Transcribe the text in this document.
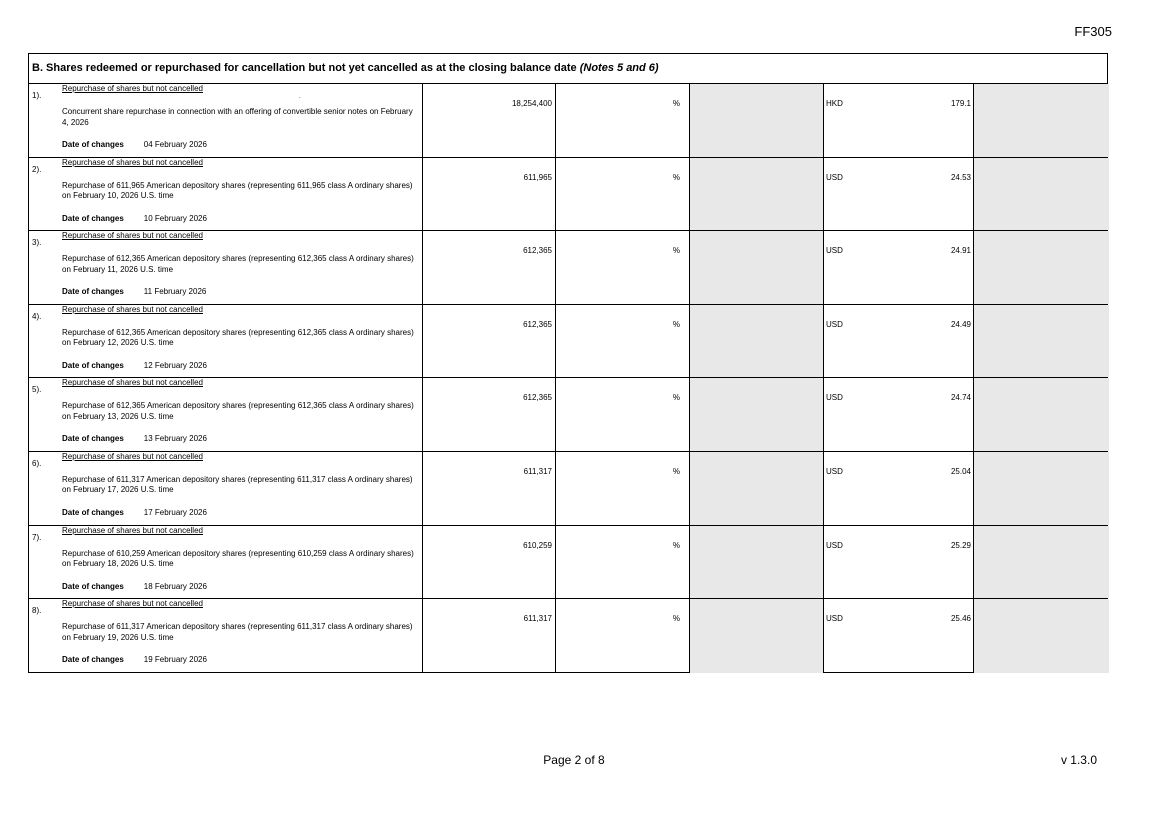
FF305
B. Shares redeemed or repurchased for cancellation but not yet cancelled as at the closing balance date (Notes 5 and 6)
1).
Repurchase of shares but not cancelled
.
Concurrent share repurchase in connection with an offering of convertible senior notes on February 4, 2026
Date of changes	04 February 2026
18,254,400	%	HKD	179.1
2).
Repurchase of shares but not cancelled
Repurchase of 611,965 American depository shares (representing 611,965 class A ordinary shares) on February 10, 2026 U.S. time
Date of changes	10 February 2026
611,965	%	USD	24.53
3).
Repurchase of shares but not cancelled
Repurchase of 612,365 American depository shares (representing 612,365 class A ordinary shares) on February 11, 2026 U.S. time
Date of changes	11 February 2026
612,365	%	USD	24.91
4).
Repurchase of shares but not cancelled
Repurchase of 612,365 American depository shares (representing 612,365 class A ordinary shares) on February 12, 2026 U.S. time
Date of changes	12 February 2026
612,365	%	USD	24.49
5).
Repurchase of shares but not cancelled
Repurchase of 612,365 American depository shares (representing 612,365 class A ordinary shares) on February 13, 2026 U.S. time
Date of changes	13 February 2026
612,365	%	USD	24.74
6).
Repurchase of shares but not cancelled
Repurchase of 611,317 American depository shares (representing 611,317 class A ordinary shares) on February 17, 2026 U.S. time
Date of changes	17 February 2026
611,317	%	USD	25.04
7).
Repurchase of shares but not cancelled
Repurchase of 610,259 American depository shares (representing 610,259 class A ordinary shares) on February 18, 2026 U.S. time
Date of changes	18 February 2026
610,259	%	USD	25.29
8).
Repurchase of shares but not cancelled
Repurchase of 611,317 American depository shares (representing 611,317 class A ordinary shares) on February 19, 2026 U.S. time
Date of changes	19 February 2026
611,317	%	USD	25.46
Page 2 of 8	v 1.3.0
